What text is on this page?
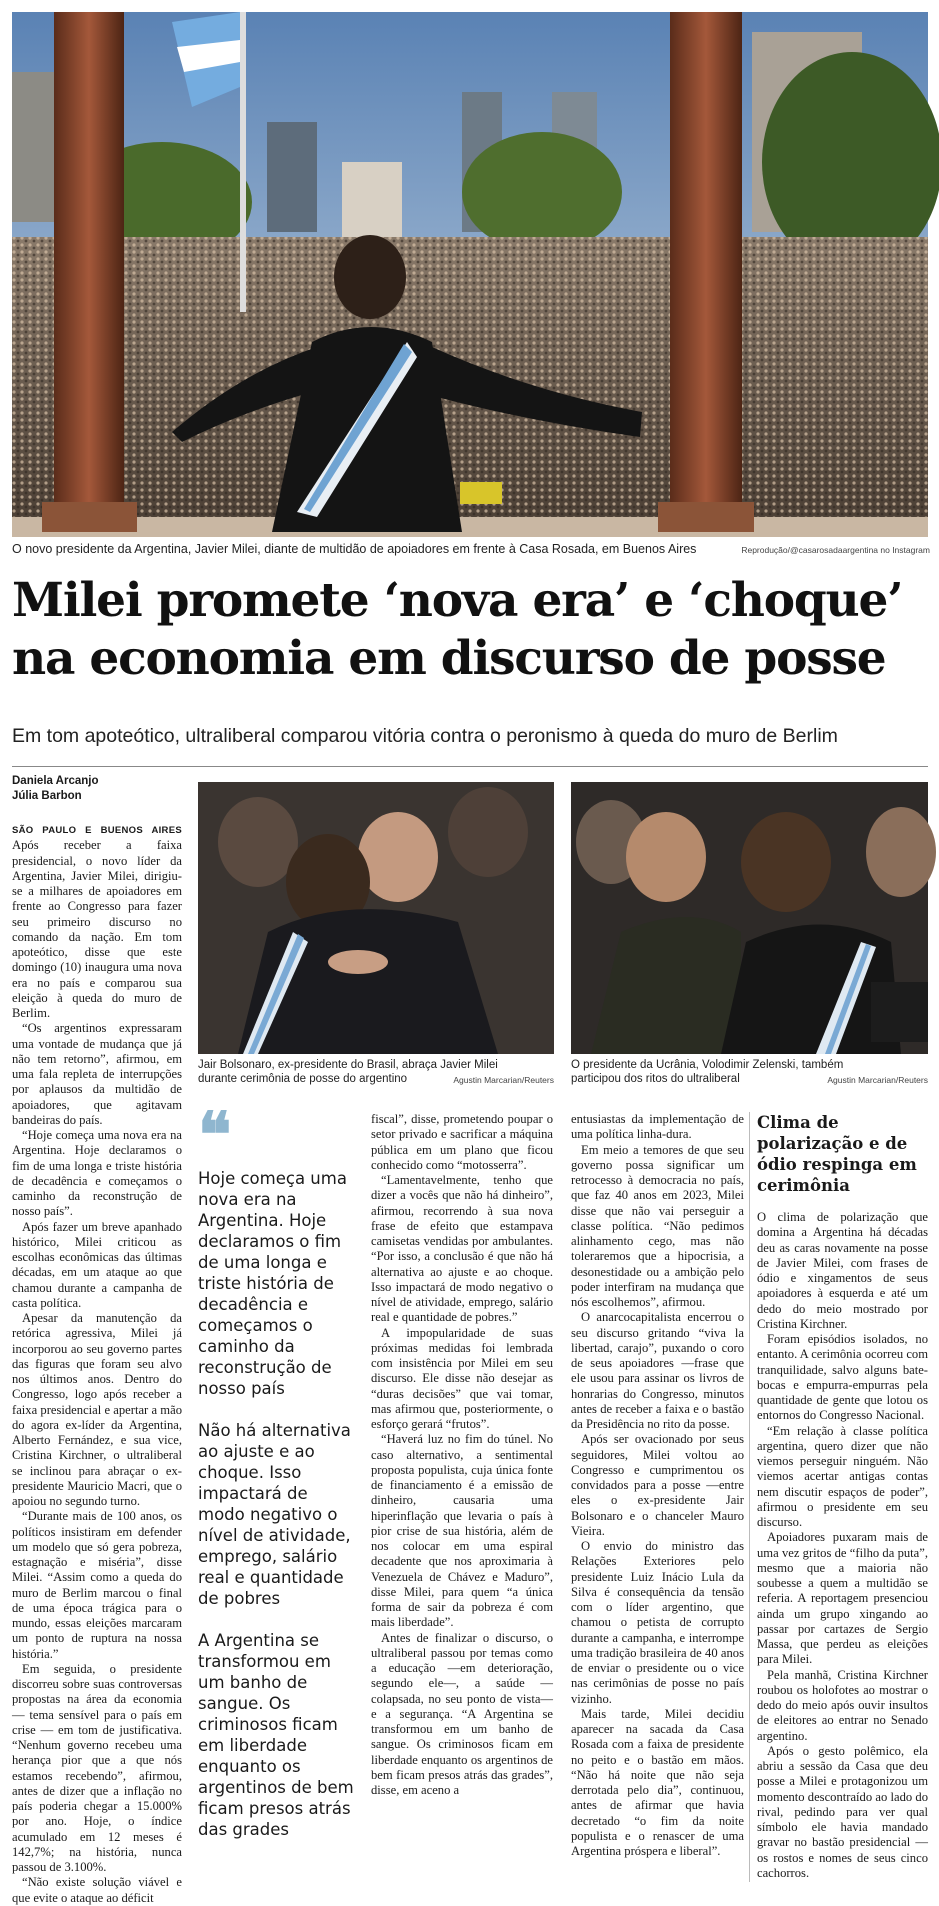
O novo presidente da Argentina, Javier Milei, diante de multidão de apoiadores em frente à Casa Rosada, em Buenos Aires	Reprodução/@casarosadaargentina no Instagram
Milei promete ‘nova era’ e ‘choque’
na economia em discurso de posse
Em tom apoteótico, ultraliberal comparou vitória contra o peronismo à queda do muro de Berlim
Daniela Arcanjo
Júlia Barbon
Jair Bolsonaro, ex-presidente do Brasil, abraça Javier Milei durante cerimônia de posse do argentino	Agustin Marcarian/Reuters
O presidente da Ucrânia, Volodimir Zelenski, também participou dos ritos do ultraliberal	Agustin Marcarian/Reuters

SÃO PAULO E BUENOS AIRES Após receber a faixa presidencial, o novo líder da Argentina, Javier Milei, dirigiu-se a milhares de apoiadores em frente ao Congresso para fazer seu primeiro discurso no comando da nação. Em tom apoteótico, disse que este domingo (10) inaugura uma nova era no país e comparou sua eleição à queda do muro de Berlim.

“Os argentinos expressaram uma vontade de mudança que já não tem retorno”, afirmou, em uma fala repleta de interrupções por aplausos da multidão de apoiadores, que agitavam bandeiras do país.

“Hoje começa uma nova era na Argentina. Hoje declaramos o fim de uma longa e triste história de decadência e começamos o caminho da reconstrução de nosso país”.

Após fazer um breve apanhado histórico, Milei criticou as escolhas econômicas das últimas décadas, em um ataque ao que chamou durante a campanha de casta política.

Apesar da manutenção da retórica agressiva, Milei já incorporou ao seu governo partes das figuras que foram seu alvo nos últimos anos. Dentro do Congresso, logo após receber a faixa presidencial e apertar a mão do agora ex-líder da Argentina, Alberto Fernández, e sua vice, Cristina Kirchner, o ultraliberal se inclinou para abraçar o ex-presidente Mauricio Macri, que o apoiou no segundo turno.

“Durante mais de 100 anos, os políticos insistiram em defender um modelo que só gera pobreza, estagnação e miséria”, disse Milei. “Assim como a queda do muro de Berlim marcou o final de uma época trágica para o mundo, essas eleições marcaram um ponto de ruptura na nossa história.”

Em seguida, o presidente discorreu sobre suas controversas propostas na área da economia — tema sensível para o país em crise — em tom de justificativa. “Nenhum governo recebeu uma herança pior que a que nós estamos recebendo”, afirmou, antes de dizer que a inflação no país poderia chegar a 15.000% por ano. Hoje, o índice acumulado em 12 meses é 142,7%; na história, nunca passou de 3.100%.

“Não existe solução viável e que evite o ataque ao déficit

❝

Hoje começa uma nova era na Argentina. Hoje declaramos o fim de uma longa e triste história de decadência e começamos o caminho da reconstrução de nosso país

Não há alternativa ao ajuste e ao choque. Isso impactará de modo negativo o nível de atividade, emprego, salário real e quantidade de pobres

A Argentina se transformou em um banho de sangue. Os criminosos ficam em liberdade enquanto os argentinos de bem ficam presos atrás das grades

fiscal”, disse, prometendo poupar o setor privado e sacrificar a máquina pública em um plano que ficou conhecido como “motosserra”.

“Lamentavelmente, tenho que dizer a vocês que não há dinheiro”, afirmou, recorrendo à sua nova frase de efeito que estampava camisetas vendidas por ambulantes. “Por isso, a conclusão é que não há alternativa ao ajuste e ao choque. Isso impactará de modo negativo o nível de atividade, emprego, salário real e quantidade de pobres.”

A impopularidade de suas próximas medidas foi lembrada com insistência por Milei em seu discurso. Ele disse não desejar as “duras decisões” que vai tomar, mas afirmou que, posteriormente, o esforço gerará “frutos”.

“Haverá luz no fim do túnel. No caso alternativo, a sentimental proposta populista, cuja única fonte de financiamento é a emissão de dinheiro, causaria uma hiperinflação que levaria o país à pior crise de sua história, além de nos colocar em uma espiral decadente que nos aproximaria à Venezuela de Chávez e Maduro”, disse Milei, para quem “a única forma de sair da pobreza é com mais liberdade”.

Antes de finalizar o discurso, o ultraliberal passou por temas como a educação —em deterioração, segundo ele—, a saúde —colapsada, no seu ponto de vista— e a segurança. “A Argentina se transformou em um banho de sangue. Os criminosos ficam em liberdade enquanto os argentinos de bem ficam presos atrás das grades”, disse, em aceno a

entusiastas da implementação de uma política linha-dura.

Em meio a temores de que seu governo possa significar um retrocesso à democracia no país, que faz 40 anos em 2023, Milei disse que não vai perseguir a classe política. “Não pedimos alinhamento cego, mas não toleraremos que a hipocrisia, a desonestidade ou a ambição pelo poder interfiram na mudança que nós escolhemos”, afirmou.

O anarcocapitalista encerrou o seu discurso gritando “viva la libertad, carajo”, puxando o coro de seus apoiadores —frase que ele usou para assinar os livros de honrarias do Congresso, minutos antes de receber a faixa e o bastão da Presidência no rito da posse.

Após ser ovacionado por seus seguidores, Milei voltou ao Congresso e cumprimentou os convidados para a posse —entre eles o ex-presidente Jair Bolsonaro e o chanceler Mauro Vieira.

O envio do ministro das Relações Exteriores pelo presidente Luiz Inácio Lula da Silva é consequência da tensão com o líder argentino, que chamou o petista de corrupto durante a campanha, e interrompe uma tradição brasileira de 40 anos de enviar o presidente ou o vice nas cerimônias de posse no país vizinho.

Mais tarde, Milei decidiu aparecer na sacada da Casa Rosada com a faixa de presidente no peito e o bastão em mãos. “Não há noite que não seja derrotada pelo dia”, continuou, antes de afirmar que havia decretado “o fim da noite populista e o renascer de uma Argentina próspera e liberal”.

Clima de polarização e de ódio respinga em cerimônia

O clima de polarização que domina a Argentina há décadas deu as caras novamente na posse de Javier Milei, com frases de ódio e xingamentos de seus apoiadores à esquerda e até um dedo do meio mostrado por Cristina Kirchner.

Foram episódios isolados, no entanto. A cerimônia ocorreu com tranquilidade, salvo alguns bate-bocas e empurra-empurras pela quantidade de gente que lotou os entornos do Congresso Nacional.

“Em relação à classe política argentina, quero dizer que não viemos perseguir ninguém. Não viemos acertar antigas contas nem discutir espaços de poder”, afirmou o presidente em seu discurso.

Apoiadores puxaram mais de uma vez gritos de “filho da puta”, mesmo que a maioria não soubesse a quem a multidão se referia. A reportagem presenciou ainda um grupo xingando ao passar por cartazes de Sergio Massa, que perdeu as eleições para Milei.

Pela manhã, Cristina Kirchner roubou os holofotes ao mostrar o dedo do meio após ouvir insultos de eleitores ao entrar no Senado argentino.

Após o gesto polêmico, ela abriu a sessão da Casa que deu posse a Milei e protagonizou um momento descontraído ao lado do rival, pedindo para ver qual símbolo ele havia mandado gravar no bastão presidencial —os rostos e nomes de seus cinco cachorros.
